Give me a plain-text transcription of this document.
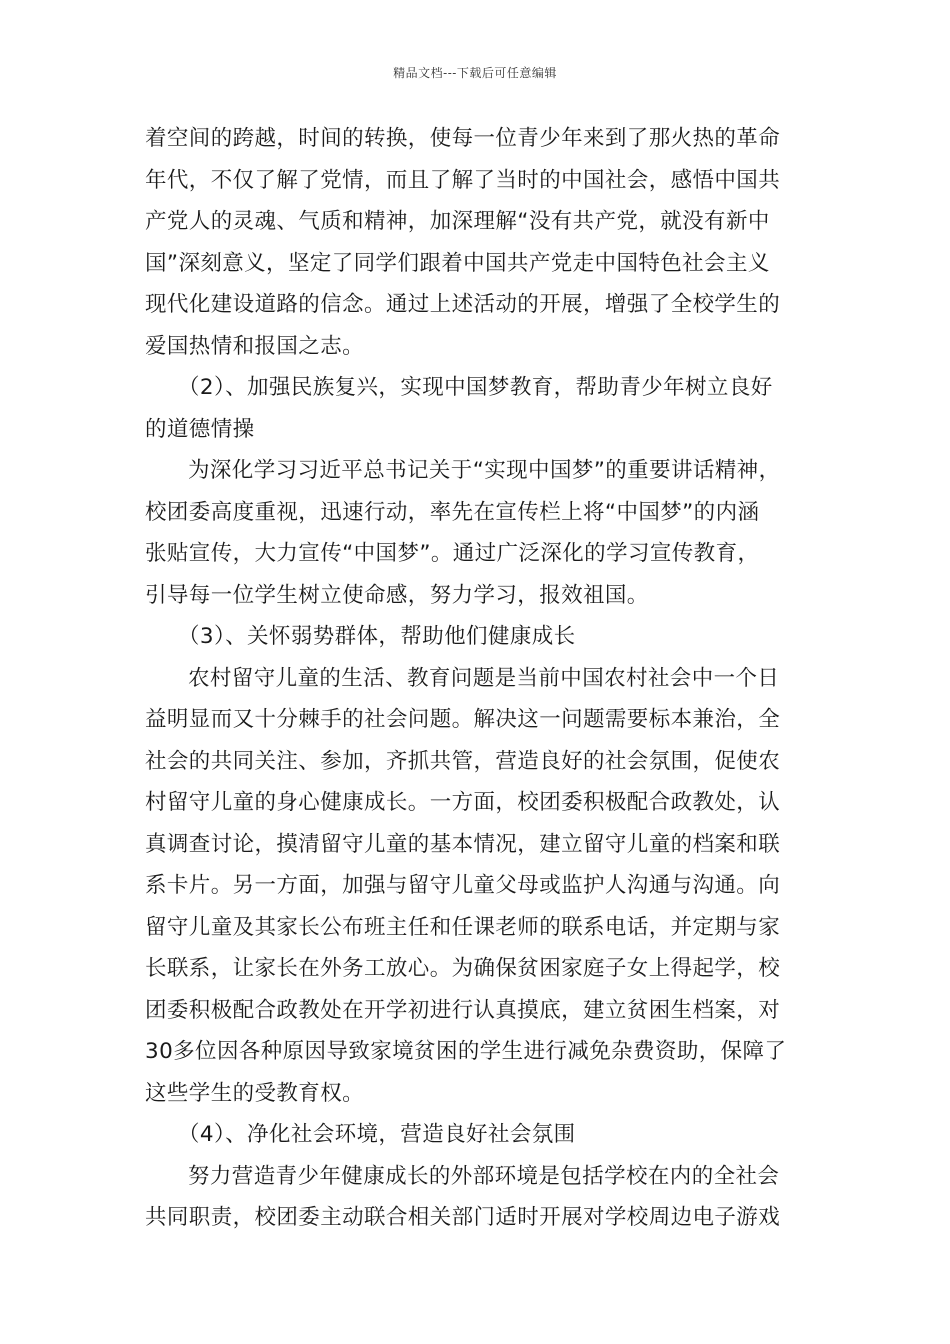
精品文档---下载后可任意编辑
着空间的跨越，时间的转换，使每一位青少年来到了那火热的革命
年代，不仅了解了党情，而且了解了当时的中国社会，感悟中国共
产党人的灵魂、气质和精神，加深理解“没有共产党，就没有新中
国”深刻意义，坚定了同学们跟着中国共产党走中国特色社会主义
现代化建设道路的信念。通过上述活动的开展，增强了全校学生的
爱国热情和报国之志。
（2）、加强民族复兴，实现中国梦教育，帮助青少年树立良好
的道德情操
为深化学习习近平总书记关于“实现中国梦”的重要讲话精神，
校团委高度重视，迅速行动，率先在宣传栏上将“中国梦”的内涵
张贴宣传，大力宣传“中国梦”。通过广泛深化的学习宣传教育，
引导每一位学生树立使命感，努力学习，报效祖国。
（3）、关怀弱势群体，帮助他们健康成长
农村留守儿童的生活、教育问题是当前中国农村社会中一个日
益明显而又十分棘手的社会问题。解决这一问题需要标本兼治，全
社会的共同关注、参加，齐抓共管，营造良好的社会氛围，促使农
村留守儿童的身心健康成长。一方面，校团委积极配合政教处，认
真调查讨论，摸清留守儿童的基本情况，建立留守儿童的档案和联
系卡片。另一方面，加强与留守儿童父母或监护人沟通与沟通。向
留守儿童及其家长公布班主任和任课老师的联系电话，并定期与家
长联系，让家长在外务工放心。为确保贫困家庭子女上得起学，校
团委积极配合政教处在开学初进行认真摸底，建立贫困生档案，对
30多位因各种原因导致家境贫困的学生进行减免杂费资助，保障了
这些学生的受教育权。
（4）、净化社会环境，营造良好社会氛围
努力营造青少年健康成长的外部环境是包括学校在内的全社会
共同职责，校团委主动联合相关部门适时开展对学校周边电子游戏
